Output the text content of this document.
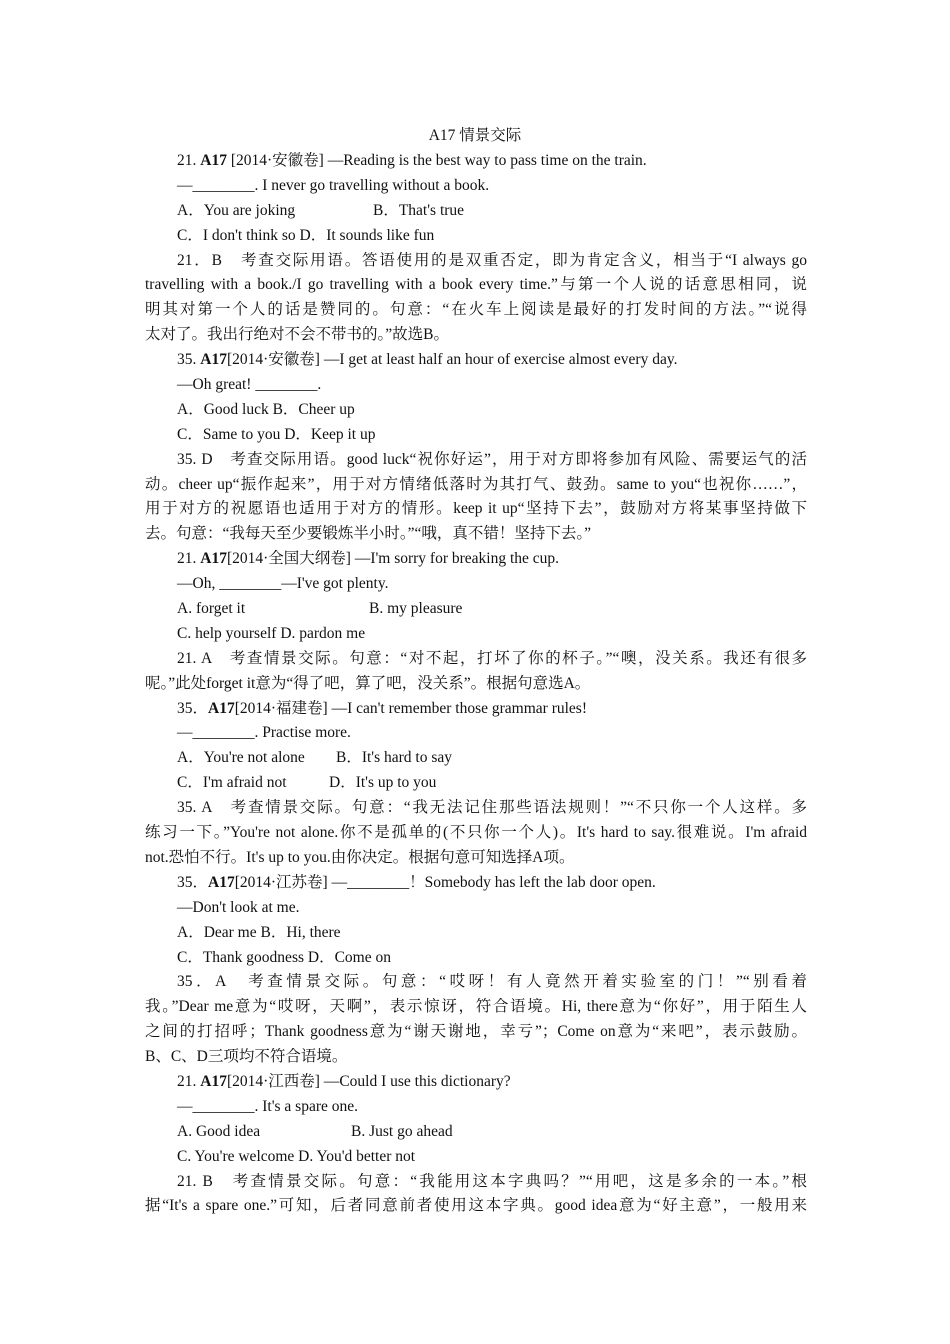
A17 情景交际
21. A17 [2014·安徽卷] —Reading is the best way to pass time on the train.
—________. I never go travelling without a book.
A．You are joking	B．That's true
C．I don't think so D．It sounds like fun
21．B　考查交际用语。答语使用的是双重否定，即为肯定含义，相当于“I always go
travelling with a book./I go travelling with a book every time.”与第一个人说的话意思相同，说
明其对第一个人的话是赞同的。句意：“在火车上阅读是最好的打发时间的方法。”“说得
太对了。我出行绝对不会不带书的。”故选B。
35. A17[2014·安徽卷] —I get at least half an hour of exercise almost every day.
—Oh great! ________.
A．Good luck B．Cheer up
C．Same to you D．Keep it up
35. D　考查交际用语。good luck“祝你好运”，用于对方即将参加有风险、需要运气的活
动。cheer up“振作起来”，用于对方情绪低落时为其打气、鼓劲。same to you“也祝你……”，
用于对方的祝愿语也适用于对方的情形。keep it up“坚持下去”，鼓励对方将某事坚持做下
去。句意：“我每天至少要锻炼半小时。”“哦，真不错！坚持下去。”
21. A17[2014·全国大纲卷] —I'm sorry for breaking the cup.
—Oh, ________—I've got plenty.
A. forget it	B. my pleasure
C. help yourself D. pardon me
21. A　考查情景交际。句意：“对不起，打坏了你的杯子。”“噢，没关系。我还有很多
呢。”此处forget it意为“得了吧，算了吧，没关系”。根据句意选A。
35．A17[2014·福建卷] —I can't remember those grammar rules!
—________. Practise more.
A．You're not alone B．It's hard to say
C．I'm afraid not	D．It's up to you
35. A　考查情景交际。句意：“我无法记住那些语法规则！”“不只你一个人这样。多
练习一下。”You're not alone.你不是孤单的(不只你一个人)。It's hard to say.很难说。I'm afraid
not.恐怕不行。It's up to you.由你决定。根据句意可知选择A项。
35．A17[2014·江苏卷] —________！Somebody has left the lab door open.
—Don't look at me.
A．Dear me B．Hi, there
C．Thank goodness D．Come on
35．A　考查情景交际。句意：“哎呀！有人竟然开着实验室的门！”“别看着
我。”Dear me意为“哎呀，天啊”，表示惊讶，符合语境。Hi, there意为“你好”，用于陌生人
之间的打招呼；Thank goodness意为“谢天谢地，幸亏”；Come on意为“来吧”，表示鼓励。
B、C、D三项均不符合语境。
21. A17[2014·江西卷] —Could I use this dictionary?
—________. It's a spare one.
A. Good idea	B. Just go ahead
C. You're welcome D. You'd better not
21. B　考查情景交际。句意：“我能用这本字典吗？”“用吧，这是多余的一本。”根
据“It's a spare one.”可知，后者同意前者使用这本字典。good idea意为“好主意”，一般用来
